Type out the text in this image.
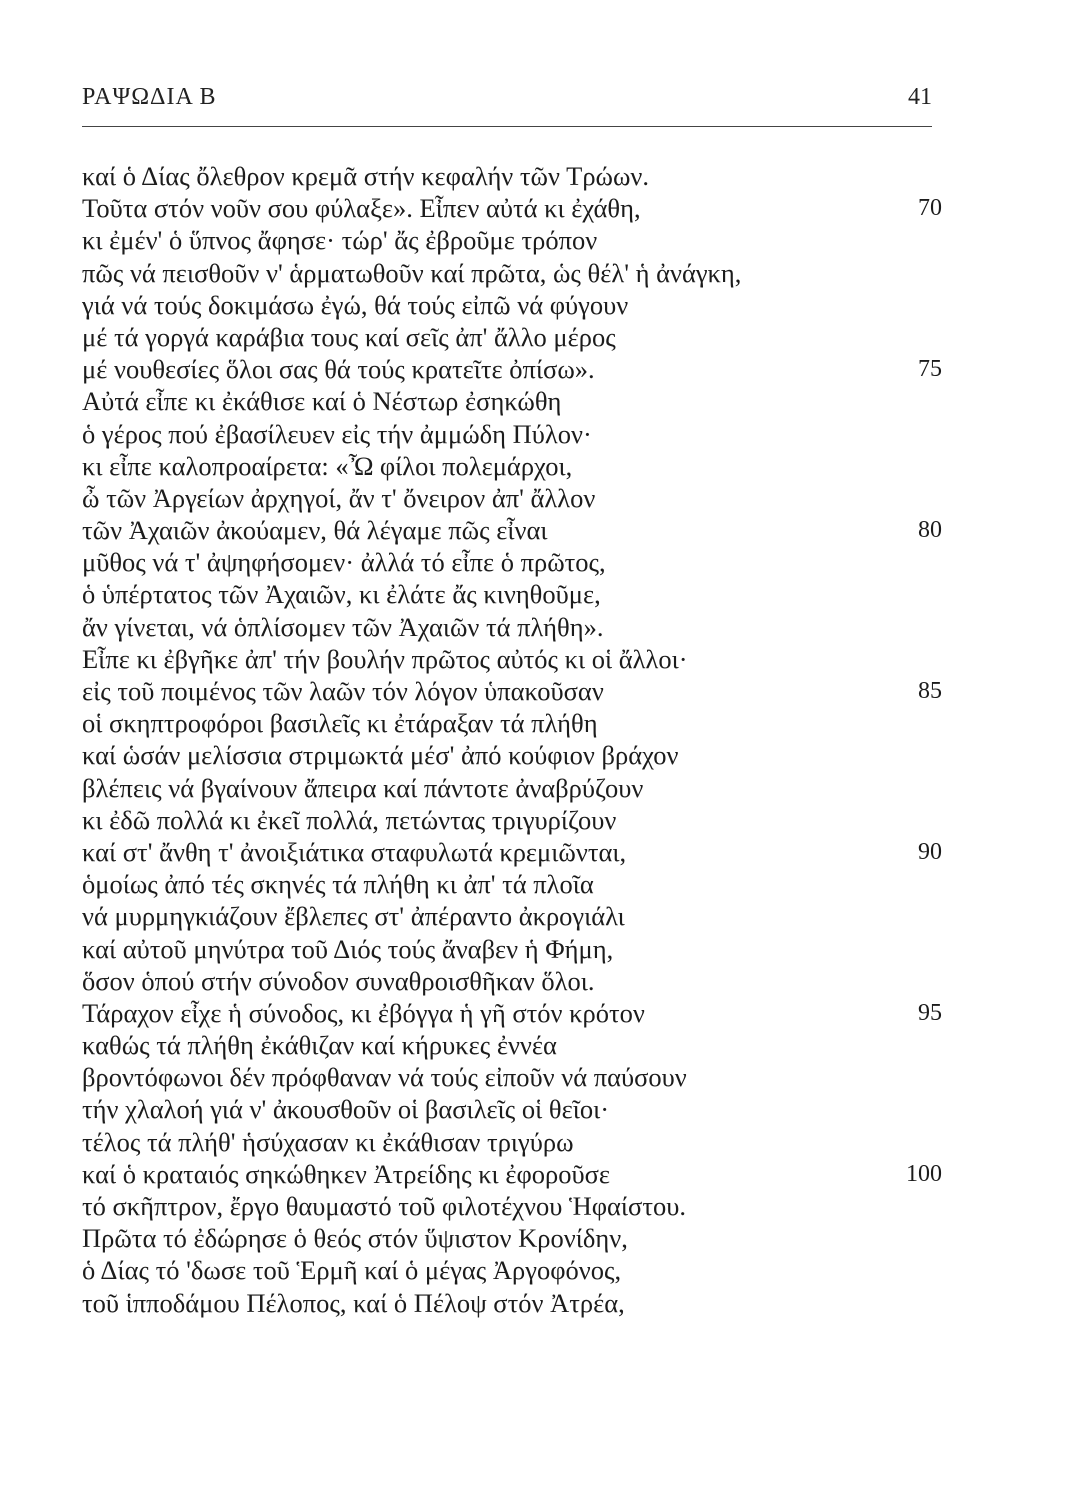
ΡΑΨΩΔΙΑ Β	41
καί ὁ Δίας ὄλεθρον κρεμᾶ στήν κεφαλήν τῶν Τρώων.
Τοῦτα στόν νοῦν σου φύλαξε». Εἶπεν αὐτά κι ἐχάθη,	70
κι ἐμέν' ὁ ὕπνος ἄφησε· τώρ' ἄς ἐβροῦμε τρόπον
πῶς νά πεισθοῦν ν' ἁρματωθοῦν καί πρῶτα, ὡς θέλ' ἡ ἀνάγκη,
γιά νά τούς δοκιμάσω ἐγώ, θά τούς εἰπῶ νά φύγουν
μέ τά γοργά καράβια τους καί σεῖς ἀπ' ἄλλο μέρος
μέ νουθεσίες ὅλοι σας θά τούς κρατεῖτε ὀπίσω».	75
Αὐτά εἶπε κι ἐκάθισε καί ὁ Νέστωρ ἐσηκώθη
ὁ γέρος πού ἐβασίλευεν εἰς τήν ἀμμώδη Πύλον·
κι εἶπε καλοπροαίρετα: «Ὦ φίλοι πολεμάρχοι,
ὦ τῶν Ἀργείων ἀρχηγοί, ἄν τ' ὄνειρον ἀπ' ἄλλον
τῶν Ἀχαιῶν ἀκούαμεν, θά λέγαμε πῶς εἶναι	80
μῦθος νά τ' ἀψηφήσομεν· ἀλλά τό εἶπε ὁ πρῶτος,
ὁ ὑπέρτατος τῶν Ἀχαιῶν, κι ἐλάτε ἄς κινηθοῦμε,
ἄν γίνεται, νά ὁπλίσομεν τῶν Ἀχαιῶν τά πλήθη».
Εἶπε κι ἐβγῆκε ἀπ' τήν βουλήν πρῶτος αὐτός κι οἱ ἄλλοι·
εἰς τοῦ ποιμένος τῶν λαῶν τόν λόγον ὑπακοῦσαν	85
οἱ σκηπτροφόροι βασιλεῖς κι ἐτάραξαν τά πλήθη
καί ὡσάν μελίσσια στριμωκτά μέσ' ἀπό κούφιον βράχον
βλέπεις νά βγαίνουν ἄπειρα καί πάντοτε ἀναβρύζουν
κι ἐδῶ πολλά κι ἐκεῖ πολλά, πετώντας τριγυρίζουν
καί στ' ἄνθη τ' ἀνοιξιάτικα σταφυλωτά κρεμιῶνται,	90
ὁμοίως ἀπό τές σκηνές τά πλήθη κι ἀπ' τά πλοῖα
νά μυρμηγκιάζουν ἔβλεπες στ' ἀπέραντο ἀκρογιάλι
καί αὐτοῦ μηνύτρα τοῦ Διός τούς ἄναβεν ἡ Φήμη,
ὅσον ὁπού στήν σύνοδον συναθροισθῆκαν ὅλοι.
Τάραχον εἶχε ἡ σύνοδος, κι ἐβόγγα ἡ γῆ στόν κρότον	95
καθώς τά πλήθη ἐκάθιζαν καί κήρυκες ἐννέα
βροντόφωνοι δέν πρόφθαναν νά τούς εἰποῦν νά παύσουν
τήν χλαλοή γιά ν' ἀκουσθοῦν οἱ βασιλεῖς οἱ θεῖοι·
τέλος τά πλήθ' ἡσύχασαν κι ἐκάθισαν τριγύρω
καί ὁ κραταιός σηκώθηκεν Ἀτρείδης κι ἐφοροῦσε	100
τό σκῆπτρον, ἔργο θαυμαστό τοῦ φιλοτέχνου Ἡφαίστου.
Πρῶτα τό ἐδώρησε ὁ θεός στόν ὕψιστον Κρονίδην,
ὁ Δίας τό 'δωσε τοῦ Ἑρμῆ καί ὁ μέγας Ἀργοφόνος,
τοῦ ἱπποδάμου Πέλοπος, καί ὁ Πέλοψ στόν Ἀτρέα,
